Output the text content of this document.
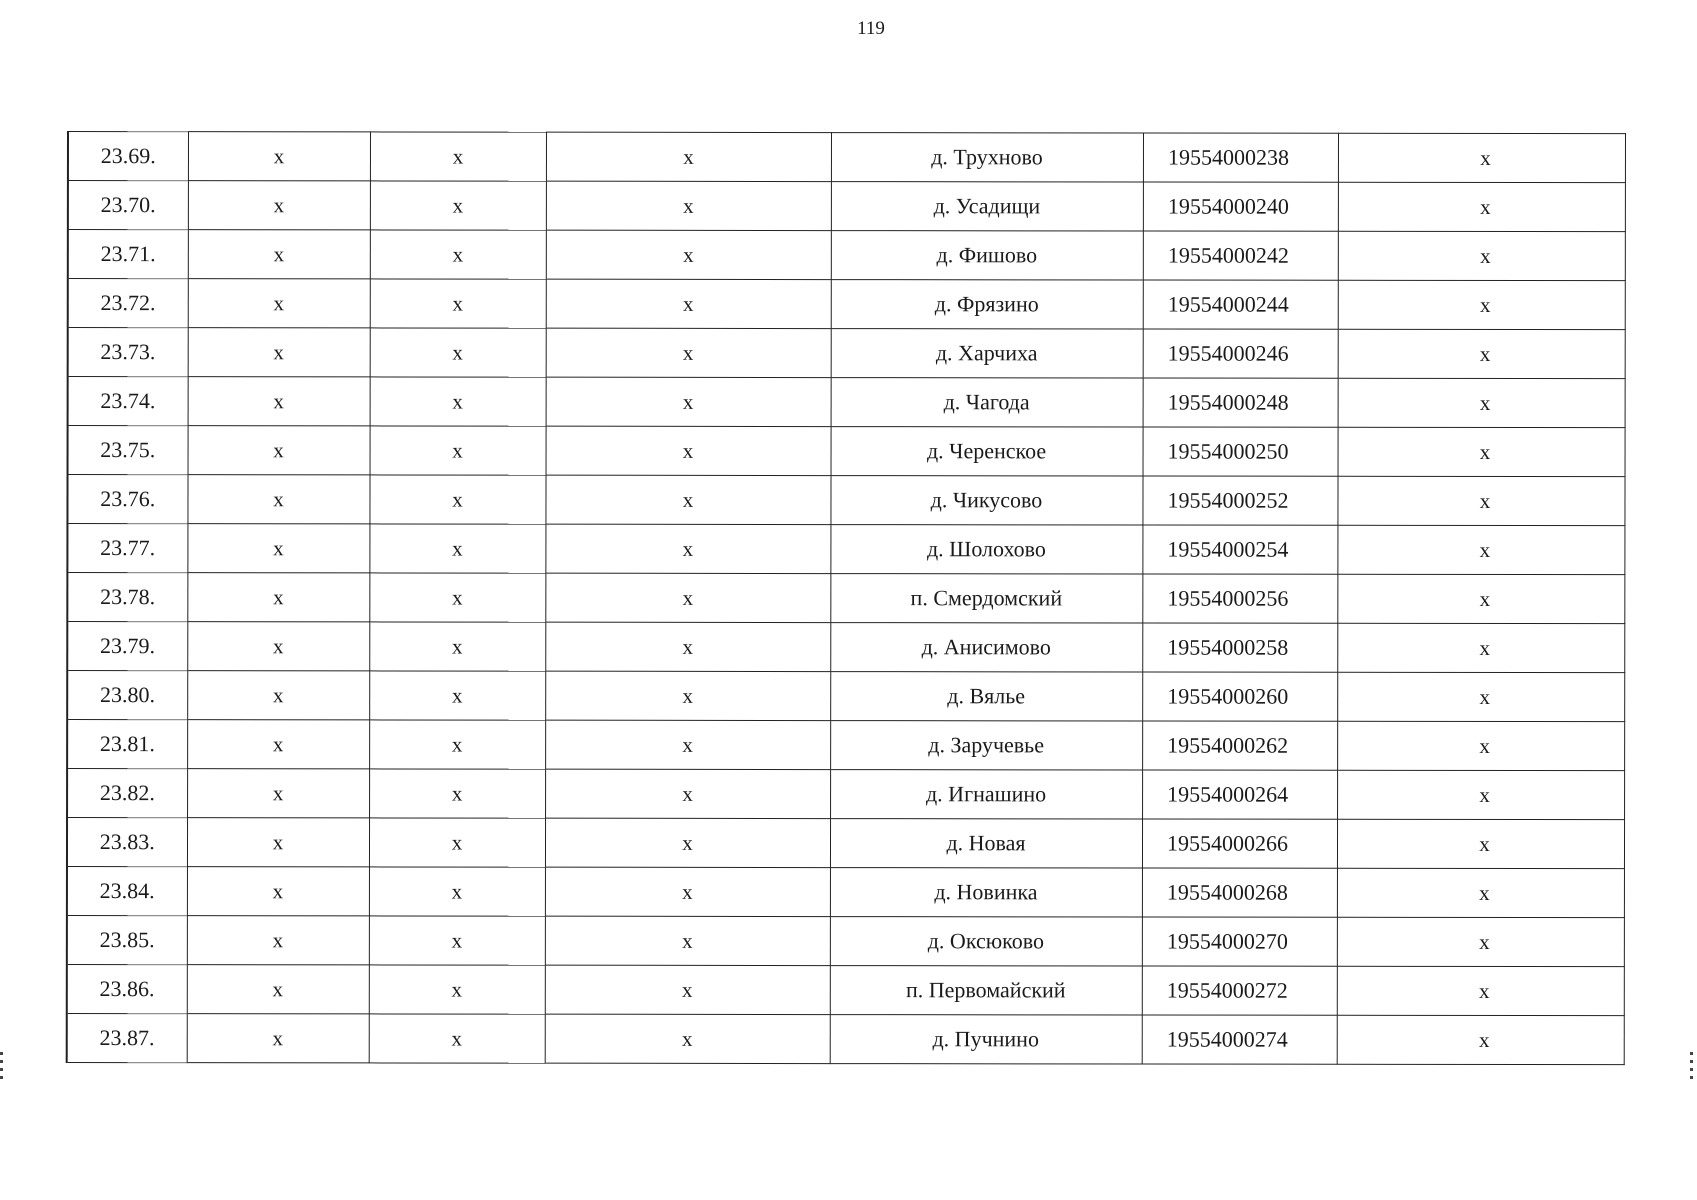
119
23.69.	х	х	х	д. Трухново	19554000238	х
23.70.	х	х	х	д. Усадищи	19554000240	х
23.71.	х	х	х	д. Фишово	19554000242	х
23.72.	х	х	х	д. Фрязино	19554000244	х
23.73.	х	х	х	д. Харчиха	19554000246	х
23.74.	х	х	х	д. Чагода	19554000248	х
23.75.	х	х	х	д. Черенское	19554000250	х
23.76.	х	х	х	д. Чикусово	19554000252	х
23.77.	х	х	х	д. Шолохово	19554000254	х
23.78.	х	х	х	п. Смердомский	19554000256	х
23.79.	х	х	х	д. Анисимово	19554000258	х
23.80.	х	х	х	д. Вялье	19554000260	х
23.81.	х	х	х	д. Заручевье	19554000262	х
23.82.	х	х	х	д. Игнашино	19554000264	х
23.83.	х	х	х	д. Новая	19554000266	х
23.84.	х	х	х	д. Новинка	19554000268	х
23.85.	х	х	х	д. Оксюково	19554000270	х
23.86.	х	х	х	п. Первомайский	19554000272	х
23.87.	х	х	х	д. Пучнино	19554000274	х
